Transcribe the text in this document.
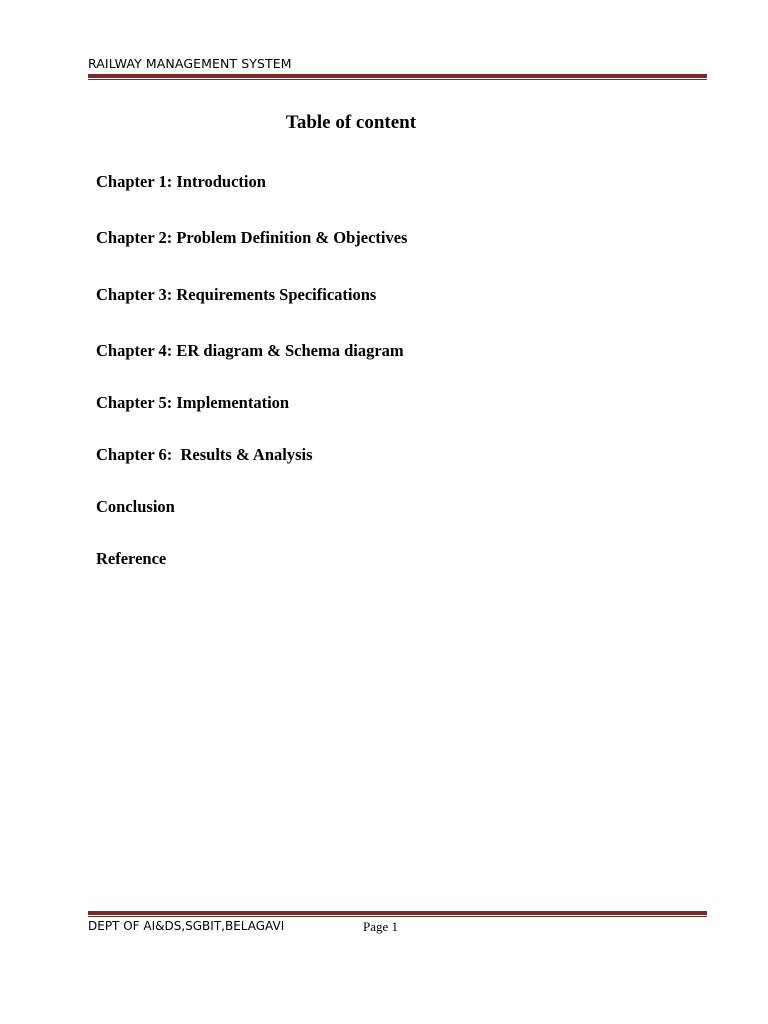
RAILWAY MANAGEMENT SYSTEM
Table of content
Chapter 1: Introduction
Chapter 2: Problem Definition & Objectives
Chapter 3: Requirements Specifications
Chapter 4: ER diagram & Schema diagram
Chapter 5: Implementation
Chapter 6:  Results & Analysis
Conclusion
Reference
DEPT OF AI&DS,SGBIT,BELAGAVI	Page 1
